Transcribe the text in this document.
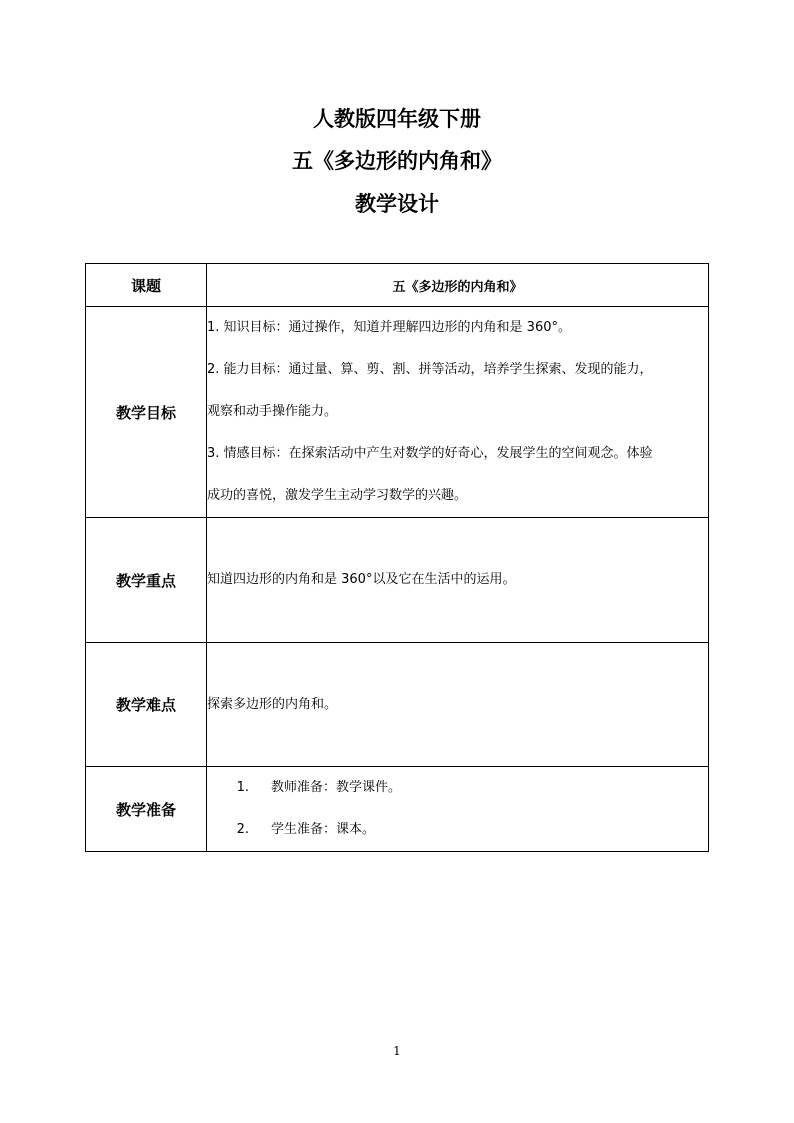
人教版四年级下册
五《多边形的内角和》
教学设计
课题	五《多边形的内角和》
教学目标	1. 知识目标：通过操作，知道并理解四边形的内角和是 360°。

2. 能力目标：通过量、算、剪、割、拼等活动，培养学生探索、发现的能力，

观察和动手操作能力。

3. 情感目标：在探索活动中产生对数学的好奇心，发展学生的空间观念。体验

成功的喜悦，激发学生主动学习数学的兴趣。

教学重点	知道四边形的内角和是 360°以及它在生活中的运用。
教学难点	探索多边形的内角和。
教学准备	1. 教师准备：教学课件。
2. 学生准备：课本。
1
